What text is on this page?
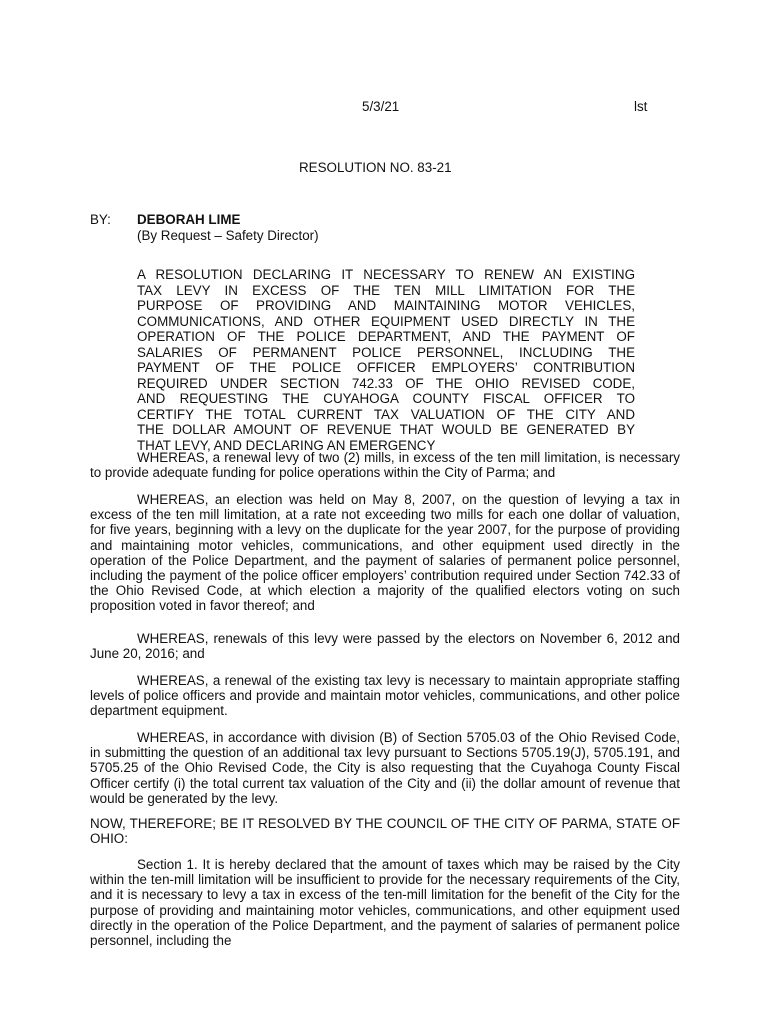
5/3/21	lst
RESOLUTION NO. 83-21
BY: DEBORAH LIME
(By Request – Safety Director)
A RESOLUTION DECLARING IT NECESSARY TO RENEW AN EXISTING
TAX LEVY IN EXCESS OF THE TEN MILL LIMITATION FOR THE
PURPOSE OF PROVIDING AND MAINTAINING MOTOR VEHICLES,
COMMUNICATIONS, AND OTHER EQUIPMENT USED DIRECTLY IN THE
OPERATION OF THE POLICE DEPARTMENT, AND THE PAYMENT OF
SALARIES OF PERMANENT POLICE PERSONNEL, INCLUDING THE
PAYMENT OF THE POLICE OFFICER EMPLOYERS’ CONTRIBUTION
REQUIRED UNDER SECTION 742.33 OF THE OHIO REVISED CODE,
AND REQUESTING THE CUYAHOGA COUNTY FISCAL OFFICER TO
CERTIFY THE TOTAL CURRENT TAX VALUATION OF THE CITY AND
THE DOLLAR AMOUNT OF REVENUE THAT WOULD BE GENERATED BY
THAT LEVY, AND DECLARING AN EMERGENCY

WHEREAS, a renewal levy of two (2) mills, in excess of the ten mill limitation, is necessary to provide adequate funding for police operations within the City of Parma; and

WHEREAS, an election was held on May 8, 2007, on the question of levying a tax in excess of the ten mill limitation, at a rate not exceeding two mills for each one dollar of valuation, for five years, beginning with a levy on the duplicate for the year 2007, for the purpose of providing and maintaining motor vehicles, communications, and other equipment used directly in the operation of the Police Department, and the payment of salaries of permanent police personnel, including the payment of the police officer employers’ contribution required under Section 742.33 of the Ohio Revised Code, at which election a majority of the qualified electors voting on such proposition voted in favor thereof; and

WHEREAS, renewals of this levy were passed by the electors on November 6, 2012 and June 20, 2016; and

WHEREAS, a renewal of the existing tax levy is necessary to maintain appropriate staffing levels of police officers and provide and maintain motor vehicles, communications, and other police department equipment.

WHEREAS, in accordance with division (B) of Section 5705.03 of the Ohio Revised Code, in submitting the question of an additional tax levy pursuant to Sections 5705.19(J), 5705.191, and 5705.25 of the Ohio Revised Code, the City is also requesting that the Cuyahoga County Fiscal Officer certify (i) the total current tax valuation of the City and (ii) the dollar amount of revenue that would be generated by the levy.

NOW, THEREFORE; BE IT RESOLVED BY THE COUNCIL OF THE CITY OF PARMA, STATE OF OHIO:

Section 1. It is hereby declared that the amount of taxes which may be raised by the City within the ten-mill limitation will be insufficient to provide for the necessary requirements of the City, and it is necessary to levy a tax in excess of the ten-mill limitation for the benefit of the City for the purpose of providing and maintaining motor vehicles, communications, and other equipment used directly in the operation of the Police Department, and the payment of salaries of permanent police personnel, including the
